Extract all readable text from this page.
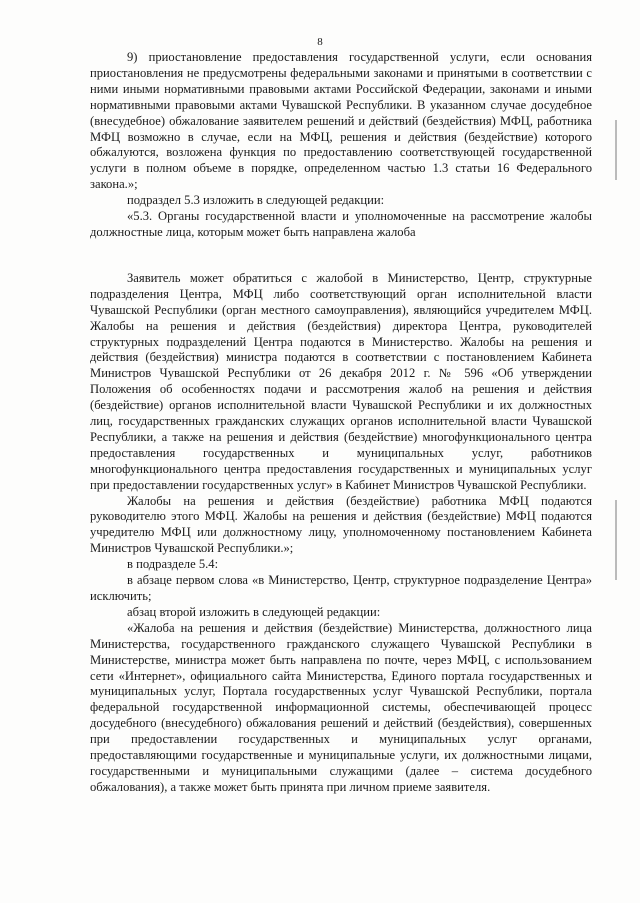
8

9) приостановление предоставления государственной услуги, если основания приостановления не предусмотрены федеральными законами и принятыми в соответствии с ними иными нормативными правовыми актами Российской Федерации, законами и иными нормативными правовыми актами Чувашской Республики. В указанном случае досудебное (внесудебное) обжалование заявителем решений и действий (бездействия) МФЦ, работника МФЦ возможно в случае, если на МФЦ, решения и действия (бездействие) которого обжалуются, возложена функция по предоставлению соответствующей государственной услуги в полном объеме в порядке, определенном частью 1.3 статьи 16 Федерального закона.»;

подраздел 5.3 изложить в следующей редакции:

«5.3. Органы государственной власти и уполномоченные на рассмотрение жалобы должностные лица, которым может быть направлена жалоба

Заявитель может обратиться с жалобой в Министерство, Центр, структурные подразделения Центра, МФЦ либо соответствующий орган исполнительной власти Чувашской Республики (орган местного самоуправления), являющийся учредителем МФЦ. Жалобы на решения и действия (бездействия) директора Центра, руководителей структурных подразделений Центра подаются в Министерство. Жалобы на решения и действия (бездействия) министра подаются в соответствии с постановлением Кабинета Министров Чувашской Республики от 26 декабря 2012 г. № 596 «Об утверждении Положения об особенностях подачи и рассмотрения жалоб на решения и действия (бездействие) органов исполнительной власти Чувашской Республики и их должностных лиц, государственных гражданских служащих органов исполнительной власти Чувашской Республики, а также на решения и действия (бездействие) многофункционального центра предоставления государственных и муниципальных услуг, работников многофункционального центра предоставления государственных и муниципальных услуг при предоставлении государственных услуг» в Кабинет Министров Чувашской Республики.

Жалобы на решения и действия (бездействие) работника МФЦ подаются руководителю этого МФЦ. Жалобы на решения и действия (бездействие) МФЦ подаются учредителю МФЦ или должностному лицу, уполномоченному постановлением Кабинета Министров Чувашской Республики.»;

в подразделе 5.4:

в абзаце первом слова «в Министерство, Центр, структурное подразделение Центра» исключить;

абзац второй изложить в следующей редакции:

«Жалоба на решения и действия (бездействие) Министерства, должностного лица Министерства, государственного гражданского служащего Чувашской Республики в Министерстве, министра может быть направлена по почте, через МФЦ, с использованием сети «Интернет», официального сайта Министерства, Единого портала государственных и муниципальных услуг, Портала государственных услуг Чувашской Республики, портала федеральной государственной информационной системы, обеспечивающей процесс досудебного (внесудебного) обжалования решений и действий (бездействия), совершенных при предоставлении государственных и муниципальных услуг органами, предоставляющими государственные и муниципальные услуги, их должностными лицами, государственными и муниципальными служащими (далее – система досудебного обжалования), а также может быть принята при личном приеме заявителя.
